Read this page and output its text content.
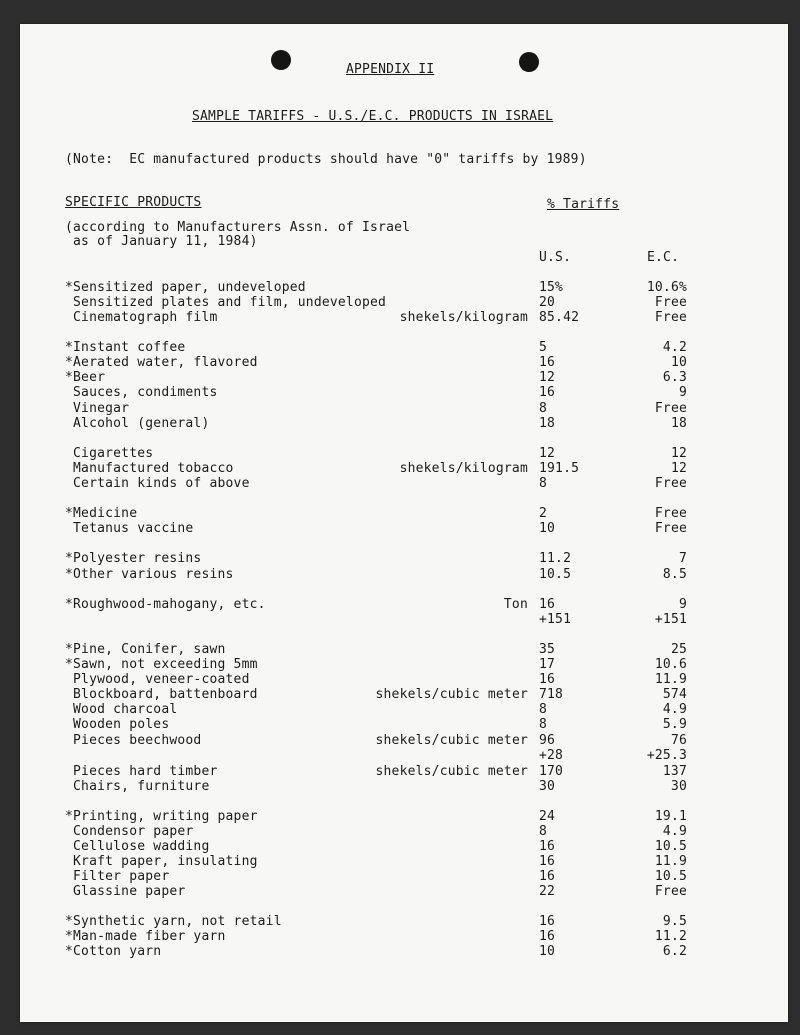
APPENDIX II
SAMPLE TARIFFS - U.S./E.C. PRODUCTS IN ISRAEL
(Note:  EC manufactured products should have "0" tariffs by 1989)
SPECIFIC PRODUCTS	% Tariffs
(according to Manufacturers Assn. of Israel
as of January 11, 1984)
U.S.	E.C.
*Sensitized paper, undeveloped	15%	10.6%
Sensitized plates and film, undeveloped	20	Free
Cinematograph film	shekels/kilogram 85.42	Free
*Instant coffee	5	4.2
*Aerated water, flavored	16	10
*Beer	12	6.3
Sauces, condiments	16	9
Vinegar	8	Free
Alcohol (general)	18	18
Cigarettes	12	12
Manufactured tobacco	shekels/kilogram 191.5	12
Certain kinds of above	8	Free
*Medicine	2	Free
Tetanus vaccine	10	Free
*Polyester resins	11.2	7
*Other various resins	10.5	8.5
*Roughwood-mahogany, etc.	Ton 16	9
+151	+151
*Pine, Conifer, sawn	35	25
*Sawn, not exceeding 5mm	17	10.6
Plywood, veneer-coated	16	11.9
Blockboard, battenboard	shekels/cubic meter 718	574
Wood charcoal	8	4.9
Wooden poles	8	5.9
Pieces beechwood	shekels/cubic meter 96	76
+28	+25.3
Pieces hard timber	shekels/cubic meter 170	137
Chairs, furniture	30	30
*Printing, writing paper	24	19.1
Condensor paper	8	4.9
Cellulose wadding	16	10.5
Kraft paper, insulating	16	11.9
Filter paper	16	10.5
Glassine paper	22	Free
*Synthetic yarn, not retail	16	9.5
*Man-made fiber yarn	16	11.2
*Cotton yarn	10	6.2
